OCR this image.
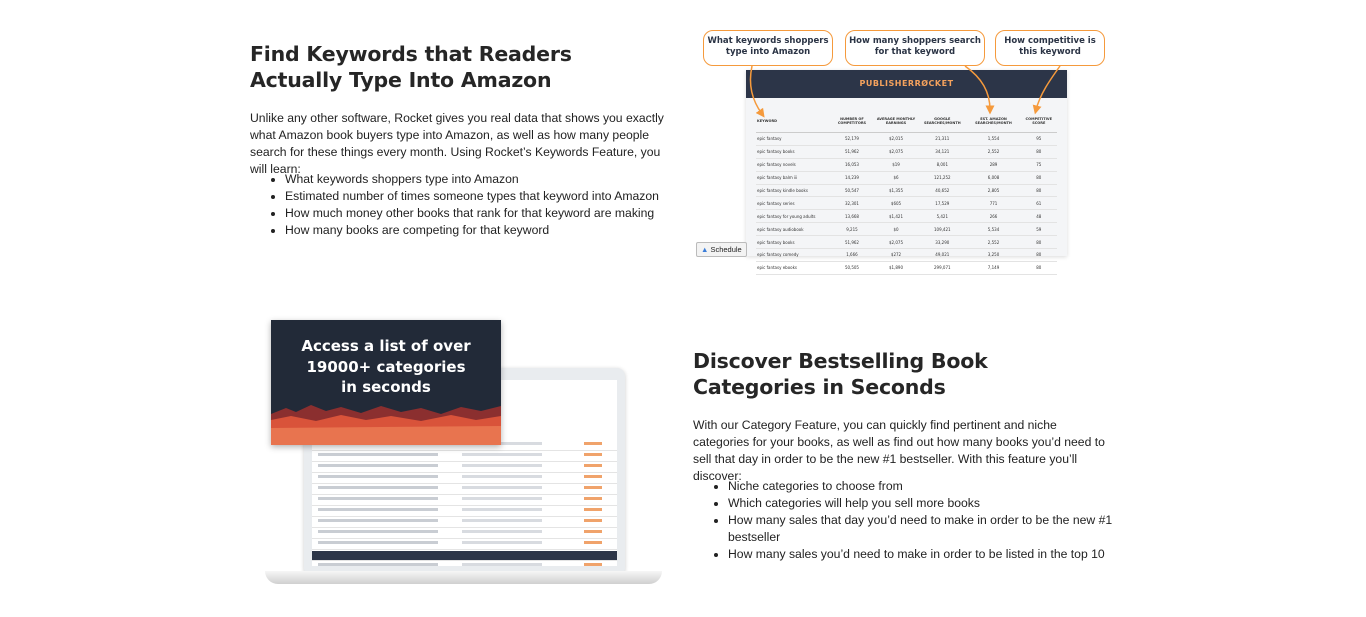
Find Keywords that Readers Actually Type Into Amazon

Unlike any other software, Rocket gives you real data that shows you exactly what Amazon book buyers type into Amazon, as well as how many people search for these things every month. Using Rocket’s Keywords Feature, you will learn:

• What keywords shoppers type into Amazon
• Estimated number of times someone types that keyword into Amazon
• How much money other books that rank for that keyword are making
• How many books are competing for that keyword
What keywords shoppers type into Amazon
How many shoppers search for that keyword
How competitive is this keyword
PUBLISHERRØCKET
KEYWORD	NUMBER OF COMPETITORS	AVERAGE MONTHLY EARNINGS	GOOGLE SEARCHES/MONTH	EST. AMAZON SEARCHES/MONTH	COMPETITIVE SCORE
epic fantasy	52,179	$2,015	21,311	1,554	95
epic fantasy books	51,962	$2,075	34,121	2,552	80
epic fantasy novels	16,053	$19	8,001	289	75
epic fantasy balm iii	14,239	$6	121,252	6,008	80
epic fantasy kindle books	50,547	$1,355	40,652	2,805	80
epic fantasy series	32,301	$605	17,529	771	61
epic fantasy for young adults	13,668	$1,421	5,421	266	48
epic fantasy audiobook	9,215	$0	109,421	5,534	59
epic fantasy books	51,962	$2,075	33,290	2,552	80
epic fantasy comedy	1,666	$272	49,021	3,250	80
epic fantasy ebooks	50,505	$1,890	299,071	7,149	80
▲ Schedule
Access a list of over
19000+ categories
in seconds
Discover Bestselling Book Categories in Seconds

With our Category Feature, you can quickly find pertinent and niche categories for your books, as well as find out how many books you’d need to sell that day in order to be the new #1 bestseller. With this feature you’ll discover:

• Niche categories to choose from
• Which categories will help you sell more books
• How many sales that day you’d need to make in order to be the new #1 bestseller
• How many sales you’d need to make in order to be listed in the top 10
